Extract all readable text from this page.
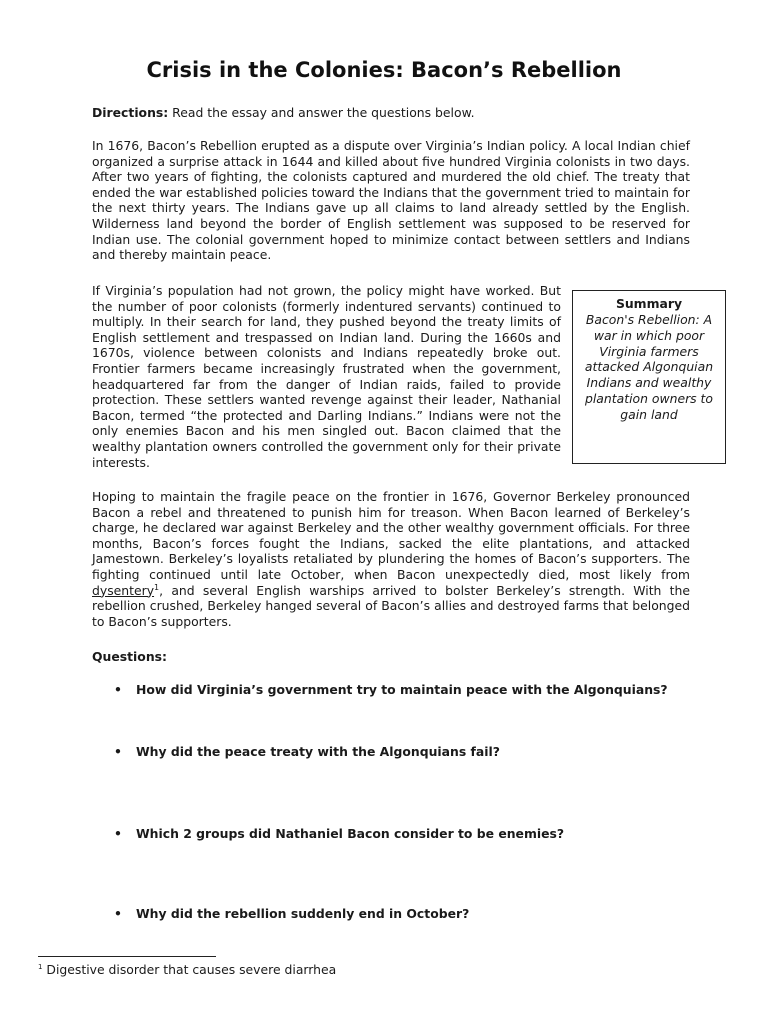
Crisis in the Colonies: Bacon’s Rebellion

Directions: Read the essay and answer the questions below.

In 1676, Bacon’s Rebellion erupted as a dispute over Virginia’s Indian policy. A local Indian chief organized a surprise attack in 1644 and killed about five hundred Virginia colonists in two days. After two years of fighting, the colonists captured and murdered the old chief. The treaty that ended the war established policies toward the Indians that the government tried to maintain for the next thirty years. The Indians gave up all claims to land already settled by the English. Wilderness land beyond the border of English settlement was supposed to be reserved for Indian use. The colonial government hoped to minimize contact between settlers and Indians and thereby maintain peace.

If Virginia’s population had not grown, the policy might have worked. But the number of poor colonists (formerly indentured servants) continued to multiply. In their search for land, they pushed beyond the treaty limits of English settlement and trespassed on Indian land. During the 1660s and 1670s, violence between colonists and Indians repeatedly broke out. Frontier farmers became increasingly frustrated when the government, headquartered far from the danger of Indian raids, failed to provide protection. These settlers wanted revenge against their leader, Nathanial Bacon, termed “the protected and Darling Indians.” Indians were not the only enemies Bacon and his men singled out. Bacon claimed that the wealthy plantation owners controlled the government only for their private interests.

Summary
Bacon's Rebellion: A war in which poor Virginia farmers attacked Algonquian Indians and wealthy plantation owners to gain land

Hoping to maintain the fragile peace on the frontier in 1676, Governor Berkeley pronounced Bacon a rebel and threatened to punish him for treason. When Bacon learned of Berkeley’s charge, he declared war against Berkeley and the other wealthy government officials. For three months, Bacon’s forces fought the Indians, sacked the elite plantations, and attacked Jamestown. Berkeley’s loyalists retaliated by plundering the homes of Bacon’s supporters. The fighting continued until late October, when Bacon unexpectedly died, most likely from dysentery$^1$, and several English warships arrived to bolster Berkeley’s strength. With the rebellion crushed, Berkeley hanged several of Bacon’s allies and destroyed farms that belonged to Bacon’s supporters.

Questions:
• How did Virginia’s government try to maintain peace with the Algonquians?
• Why did the peace treaty with the Algonquians fail?
• Which 2 groups did Nathaniel Bacon consider to be enemies?
• Why did the rebellion suddenly end in October?
$^1$ Digestive disorder that causes severe diarrhea
